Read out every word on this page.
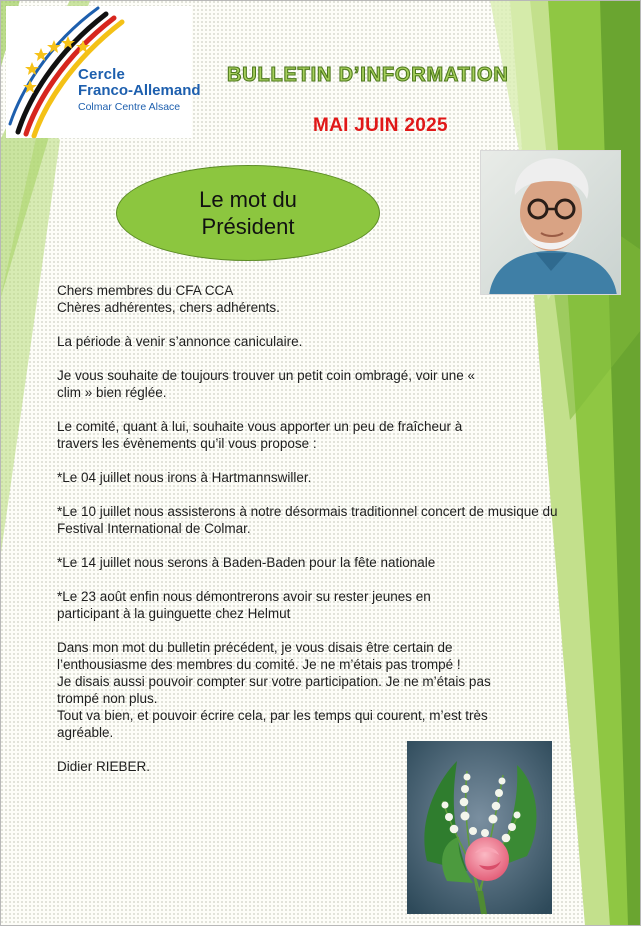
Cercle
Franco-Allemand
Colmar Centre Alsace
BULLETIN D’INFORMATION
MAI JUIN 2025
Le mot du Président

Chers membres du CFA CCA

Chères adhérentes, chers adhérents.

La période à venir s’annonce caniculaire.

Je vous souhaite de toujours trouver un petit coin ombragé, voir une « clim » bien réglée.

Le comité, quant à lui, souhaite vous apporter un peu de fraîcheur à travers les évènements qu’il vous propose :

*Le 04 juillet nous irons à Hartmannswiller.

*Le 10 juillet nous assisterons à notre désormais traditionnel concert de musique du Festival International de Colmar.

*Le 14 juillet nous serons à Baden-Baden pour la fête nationale

*Le 23 août enfin nous démontrerons avoir su rester jeunes en participant à la guinguette chez Helmut

Dans mon mot du bulletin précédent, je vous disais être certain de l’enthousiasme des membres du comité. Je ne m’étais pas trompé !

Je disais aussi pouvoir compter sur votre participation. Je ne m’étais pas trompé non plus.

Tout va bien, et pouvoir écrire cela, par les temps qui courent, m’est très agréable.

Didier RIEBER.
